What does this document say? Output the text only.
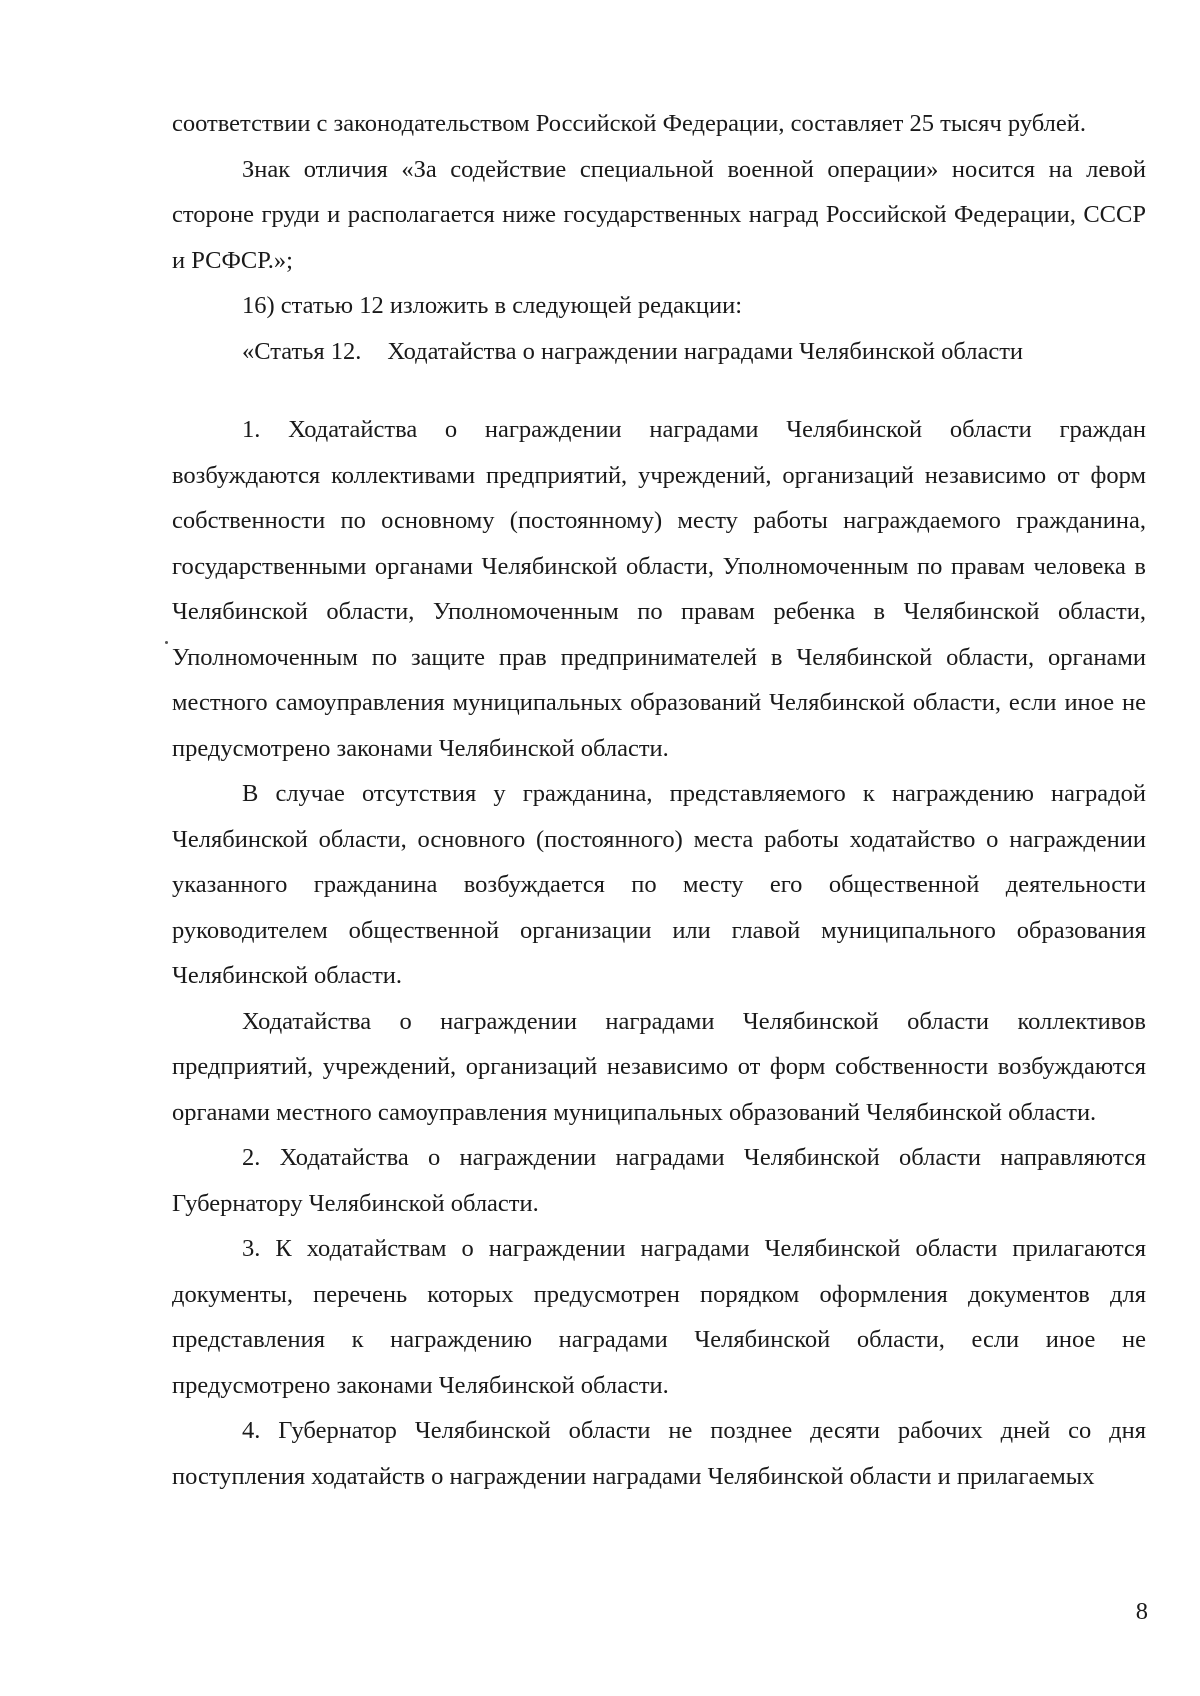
соответствии с законодательством Российской Федерации, составляет 25 тысяч рублей.

Знак отличия «За содействие специальной военной операции» носится на левой стороне груди и располагается ниже государственных наград Российской Федерации, СССР и РСФСР.»;

16) статью 12 изложить в следующей редакции:

«Статья 12. Ходатайства о награждении наградами Челябинской области

1. Ходатайства о награждении наградами Челябинской области граждан возбуждаются коллективами предприятий, учреждений, организаций независимо от форм собственности по основному (постоянному) месту работы награждаемого гражданина, государственными органами Челябинской области, Уполномоченным по правам человека в Челябинской области, Уполномоченным по правам ребенка в Челябинской области, Уполномоченным по защите прав предпринимателей в Челябинской области, органами местного самоуправления муниципальных образований Челябинской области, если иное не предусмотрено законами Челябинской области.

В случае отсутствия у гражданина, представляемого к награждению наградой Челябинской области, основного (постоянного) места работы ходатайство о награждении указанного гражданина возбуждается по месту его общественной деятельности руководителем общественной организации или главой муниципального образования Челябинской области.

Ходатайства о награждении наградами Челябинской области коллективов предприятий, учреждений, организаций независимо от форм собственности возбуждаются органами местного самоуправления муниципальных образований Челябинской области.

2. Ходатайства о награждении наградами Челябинской области направляются Губернатору Челябинской области.

3. К ходатайствам о награждении наградами Челябинской области прилагаются документы, перечень которых предусмотрен порядком оформления документов для представления к награждению наградами Челябинской области, если иное не предусмотрено законами Челябинской области.

4. Губернатор Челябинской области не позднее десяти рабочих дней со дня поступления ходатайств о награждении наградами Челябинской области и прилагаемых

8
